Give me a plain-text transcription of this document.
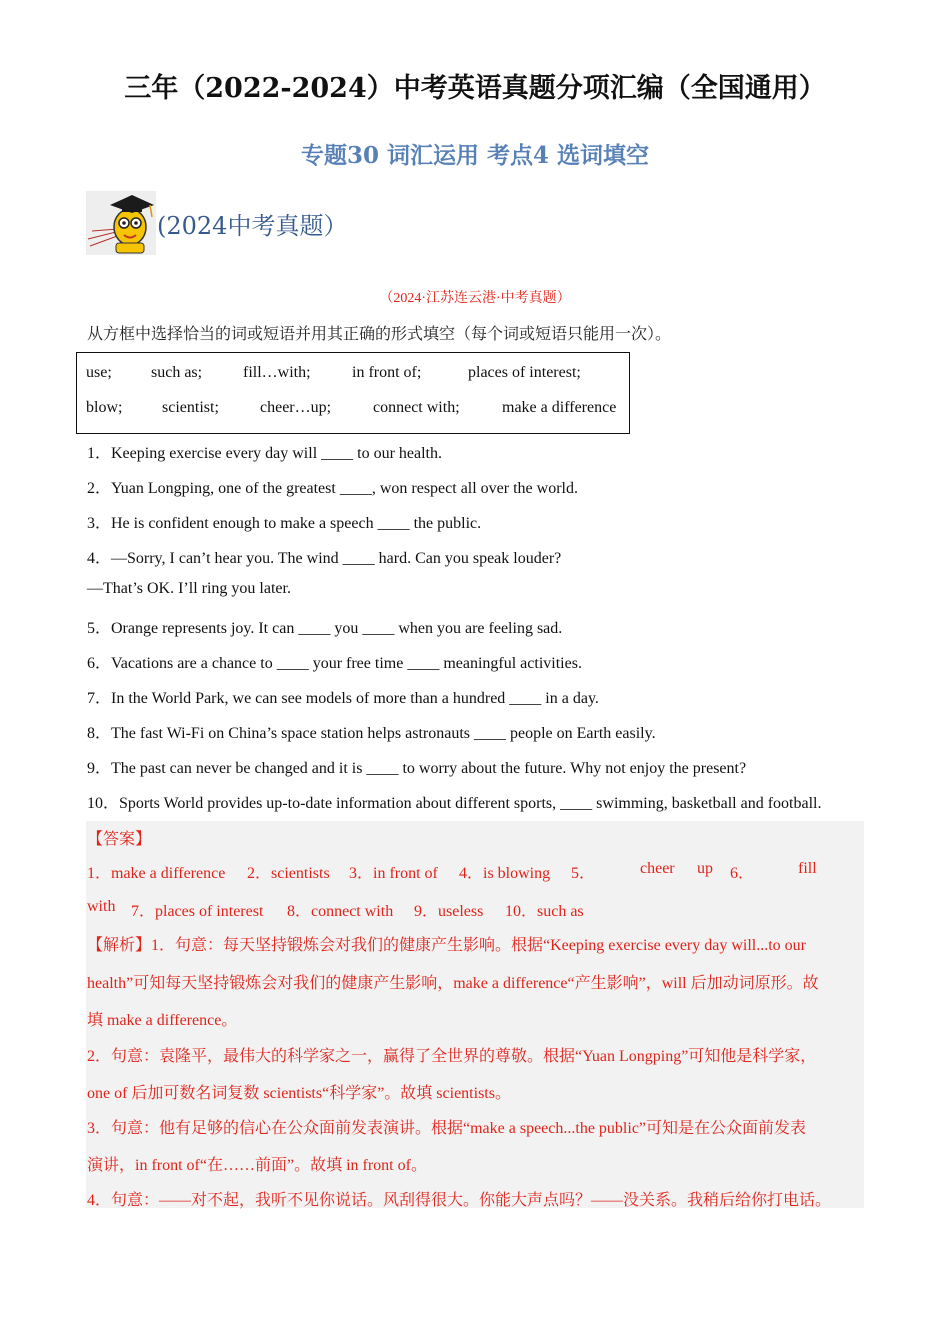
三年（2022-2024）中考英语真题分项汇编（全国通用）
专题30 词汇运用 考点4 选词填空
(2024中考真题）
（2024·江苏连云港·中考真题）
从方框中选择恰当的词或短语并用其正确的形式填空（每个词或短语只能用一次）。
use; such as;	fill…with;	in front of;	places of interest;
blow; scientist;	cheer…up;	connect with;	make a difference
1．Keeping exercise every day will ____ to our health.
2．Yuan Longping, one of the greatest ____, won respect all over the world.
3．He is confident enough to make a speech ____ the public.
4．—Sorry, I can’t hear you. The wind ____ hard. Can you speak louder?
—That’s OK. I’ll ring you later.
5．Orange represents joy. It can ____ you ____ when you are feeling sad.
6．Vacations are a chance to ____ your free time ____ meaningful activities.
7．In the World Park, we can see models of more than a hundred ____ in a day.
8．The fast Wi-Fi on China’s space station helps astronauts ____ people on Earth easily.
9．The past can never be changed and it is ____ to worry about the future. Why not enjoy the present?
10．Sports World provides up-to-date information about different sports, ____ swimming, basketball and football.
【答案】
1．make a difference 2．scientists 3．in front of 4．is blowing 5．	cheer up 6．	fill
with 7．places of interest 8．connect with 9．useless 10．such as
【解析】1．句意：每天坚持锻炼会对我们的健康产生影响。根据“Keeping exercise every day will...to our
health”可知每天坚持锻炼会对我们的健康产生影响，make a difference“产生影响”，will 后加动词原形。故
填 make a difference。
2．句意：袁隆平，最伟大的科学家之一，赢得了全世界的尊敬。根据“Yuan Longping”可知他是科学家，
one of 后加可数名词复数 scientists“科学家”。故填 scientists。
3．句意：他有足够的信心在公众面前发表演讲。根据“make a speech...the public”可知是在公众面前发表
演讲，in front of“在……前面”。故填 in front of。
4．句意：——对不起，我听不见你说话。风刮得很大。你能大声点吗？——没关系。我稍后给你打电话。
